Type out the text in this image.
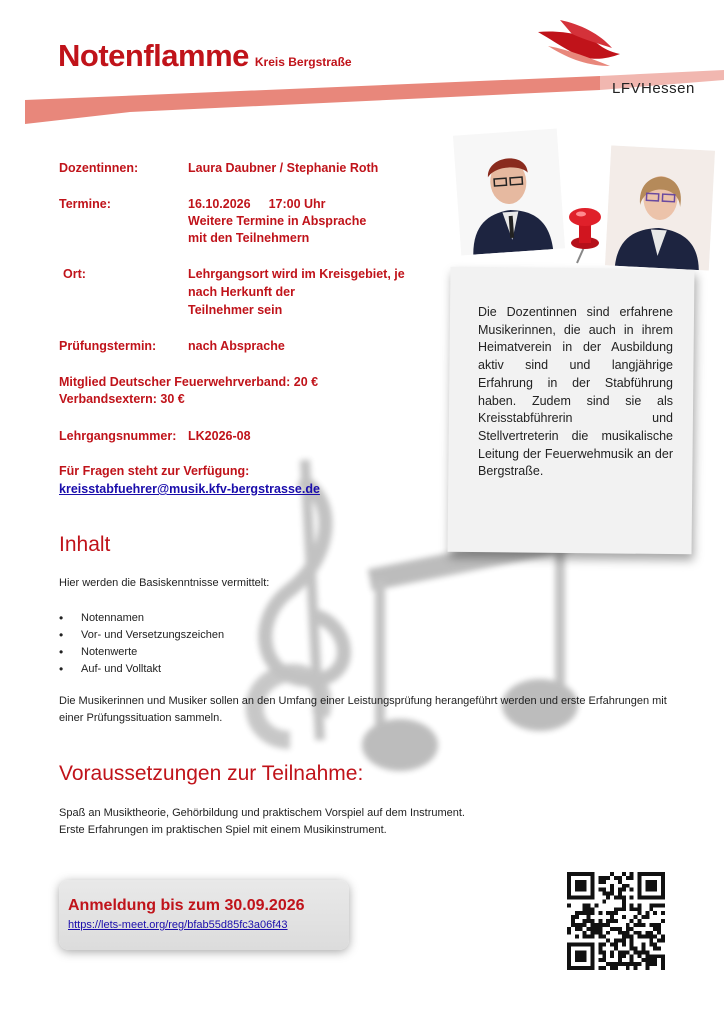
Notenflamme Kreis Bergstraße
LFVHessen
Dozentinnen:	Laura Daubner / Stephanie Roth
Termine:	16.10.2026 17:00 Uhr
Weitere Termine in Absprache
mit den Teilnehmern
Ort:	Lehrgangsort wird im Kreisgebiet, je
nach Herkunft der
Teilnehmer sein
Prüfungstermin:	nach Absprache
Mitglied Deutscher Feuerwehrverband: 20 €
Verbandsextern: 30 €
Lehrgangsnummer: LK2026-08
Für Fragen steht zur Verfügung:
kreisstabfuehrer@musik.kfv-bergstrasse.de
Die Dozentinnen sind erfahrene Musikerinnen, die auch in ihrem Heimatverein in der Ausbildung aktiv sind und langjährige Erfahrung in der Stabführung haben. Zudem sind sie als Kreisstabführerin und Stellvertreterin die musikalische Leitung der Feuerwehmusik an der Bergstraße.
Inhalt
Hier werden die Basiskenntnisse vermittelt:
• Notennamen
• Vor- und Versetzungszeichen
• Notenwerte
• Auf- und Volltakt
Die Musikerinnen und Musiker sollen an den Umfang einer Leistungsprüfung herangeführt werden und erste Erfahrungen mit einer Prüfungssituation sammeln.
Voraussetzungen zur Teilnahme:
Spaß an Musiktheorie, Gehörbildung und praktischem Vorspiel auf dem Instrument.
Erste Erfahrungen im praktischen Spiel mit einem Musikinstrument.
Anmeldung bis zum 30.09.2026
https://lets-meet.org/reg/bfab55d85fc3a06f43
